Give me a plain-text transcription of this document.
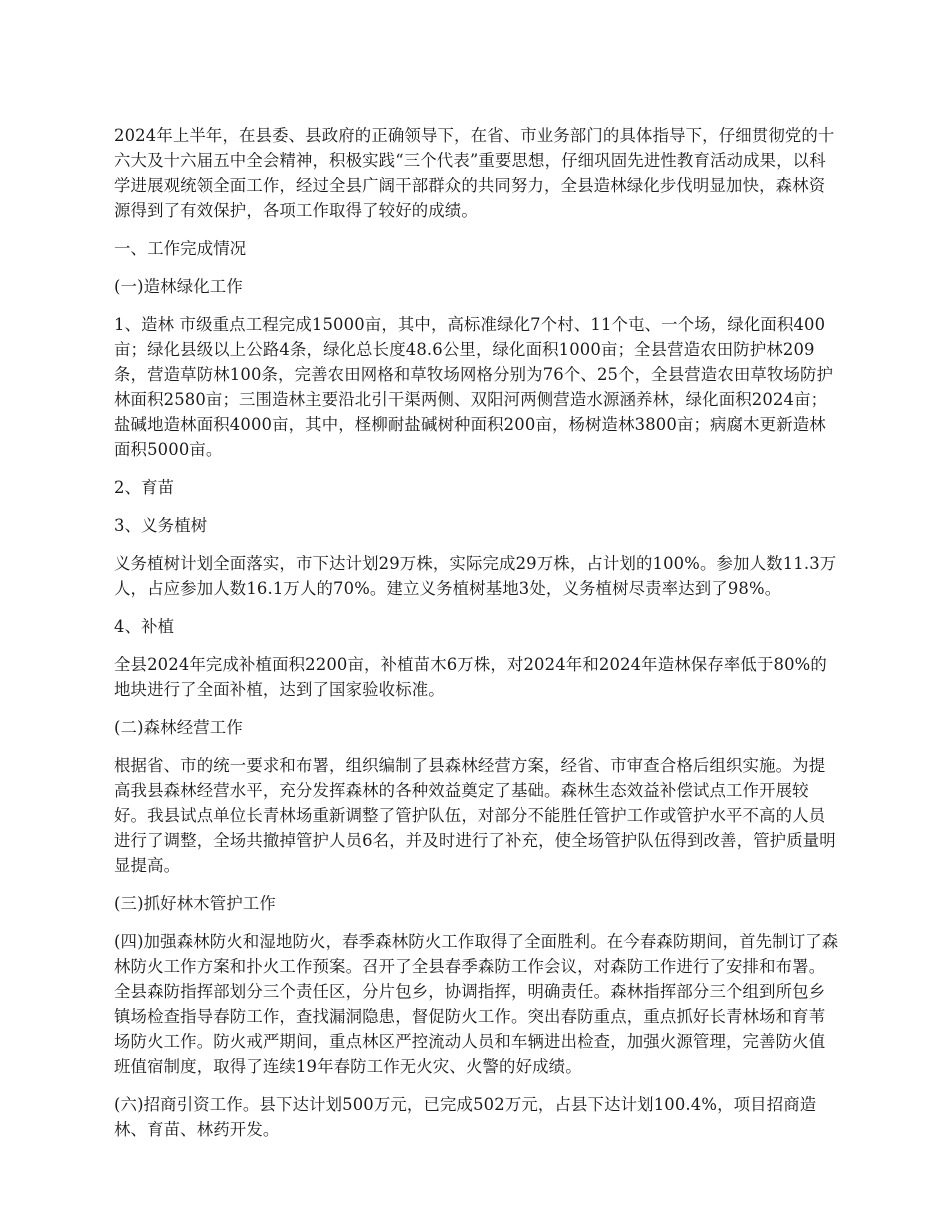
2024年上半年，在县委、县政府的正确领导下，在省、市业务部门的具体指导下，仔细贯彻党的十六大及十六届五中全会精神，积极实践“三个代表”重要思想，仔细巩固先进性教育活动成果，以科学进展观统领全面工作，经过全县广阔干部群众的共同努力，全县造林绿化步伐明显加快，森林资源得到了有效保护，各项工作取得了较好的成绩。

一、工作完成情况

(一)造林绿化工作

1、造林 市级重点工程完成15000亩，其中，高标准绿化7个村、11个屯、一个场，绿化面积400亩；绿化县级以上公路4条，绿化总长度48.6公里，绿化面积1000亩；全县营造农田防护林209条，营造草防林100条，完善农田网格和草牧场网格分别为76个、25个，全县营造农田草牧场防护林面积2580亩；三围造林主要沿北引干渠两侧、双阳河两侧营造水源涵养林，绿化面积2024亩；盐碱地造林面积4000亩，其中，柽柳耐盐碱树种面积200亩，杨树造林3800亩；病腐木更新造林面积5000亩。

2、育苗

3、义务植树

义务植树计划全面落实，市下达计划29万株，实际完成29万株，占计划的100%。参加人数11.3万人，占应参加人数16.1万人的70%。建立义务植树基地3处，义务植树尽责率达到了98%。

4、补植

全县2024年完成补植面积2200亩，补植苗木6万株，对2024年和2024年造林保存率低于80%的地块进行了全面补植，达到了国家验收标准。

(二)森林经营工作

根据省、市的统一要求和布署，组织编制了县森林经营方案，经省、市审查合格后组织实施。为提高我县森林经营水平，充分发挥森林的各种效益奠定了基础。森林生态效益补偿试点工作开展较好。我县试点单位长青林场重新调整了管护队伍，对部分不能胜任管护工作或管护水平不高的人员进行了调整，全场共撤掉管护人员6名，并及时进行了补充，使全场管护队伍得到改善，管护质量明显提高。

(三)抓好林木管护工作

(四)加强森林防火和湿地防火，春季森林防火工作取得了全面胜利。在今春森防期间，首先制订了森林防火工作方案和扑火工作预案。召开了全县春季森防工作会议，对森防工作进行了安排和布署。全县森防指挥部划分三个责任区，分片包乡，协调指挥，明确责任。森林指挥部分三个组到所包乡镇场检查指导春防工作，查找漏洞隐患，督促防火工作。突出春防重点，重点抓好长青林场和育苇场防火工作。防火戒严期间，重点林区严控流动人员和车辆进出检查，加强火源管理，完善防火值班值宿制度，取得了连续19年春防工作无火灾、火警的好成绩。

(六)招商引资工作。县下达计划500万元，已完成502万元，占县下达计划100.4%，项目招商造林、育苗、林药开发。
